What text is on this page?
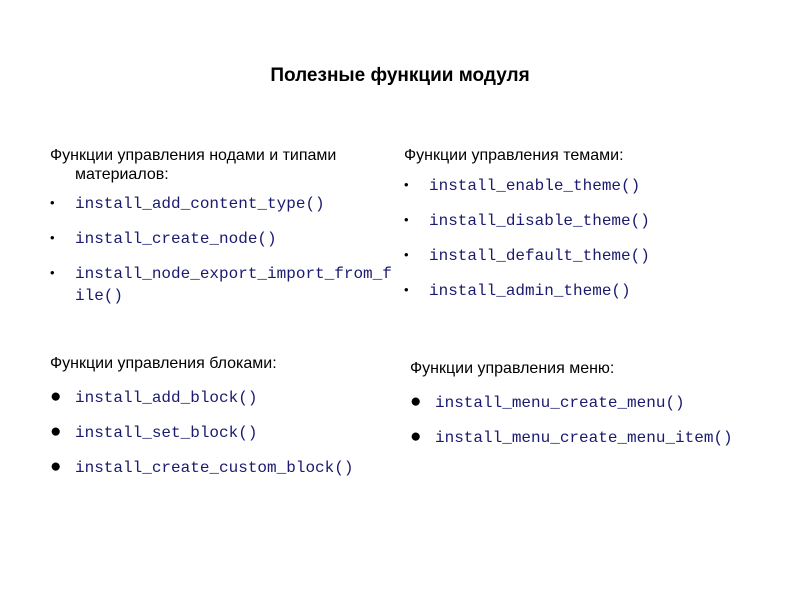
Полезные функции модуля
Функции управления нодами и типами материалов:
• install_add_content_type()
• install_create_node()
• install_node_export_import_from_file()
Функции управления темами:
• install_enable_theme()
• install_disable_theme()
• install_default_theme()
• install_admin_theme()
Функции управления блоками:
● install_add_block()
● install_set_block()
● install_create_custom_block()
Функции управления меню:
● install_menu_create_menu()
● install_menu_create_menu_item()
